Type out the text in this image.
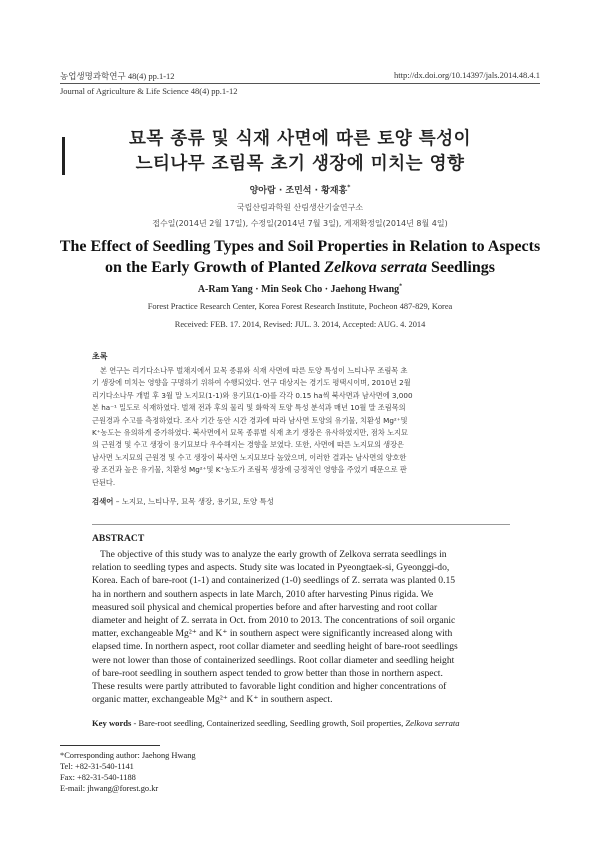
농업생명과학연구 48(4) pp.1-12	http://dx.doi.org/10.14397/jals.2014.48.4.1
Journal of Agriculture & Life Science 48(4) pp.1-12
묘목 종류 및 식재 사면에 따른 토양 특성이
느티나무 조림목 초기 생장에 미치는 영향
양아람 · 조민석 · 황재홍*
국립산림과학원 산림생산기술연구소
접수일(2014년 2월 17일), 수정일(2014년 7월 3일), 게재확정일(2014년 8월 4일)
The Effect of Seedling Types and Soil Properties in Relation to Aspects
on the Early Growth of Planted Zelkova serrata Seedlings
A-Ram Yang · Min Seok Cho · Jaehong Hwang*
Forest Practice Research Center, Korea Forest Research Institute, Pocheon 487-829, Korea
Received: FEB. 17. 2014, Revised: JUL. 3. 2014, Accepted: AUG. 4. 2014
초록
본 연구는 리기다소나무 벌채지에서 묘목 종류와 식재 사면에 따른 토양 특성이 느티나무 조림목 초
기 생장에 미치는 영향을 구명하기 위하여 수행되었다. 연구 대상지는 경기도 평택시이며, 2010년 2월
리기다소나무 개벌 후 3월 말 노지묘(1-1)와 용기묘(1-0)를 각각 0.15 ha씩 북사면과 남사면에 3,000
본 ha⁻¹ 밀도로 식재하였다. 벌채 전과 후의 물리 및 화학적 토양 특성 분석과 매년 10월 말 조림목의
근원경과 수고를 측정하였다. 조사 기간 동안 시간 경과에 따라 남사면 토양의 유기물, 치환성 Mg²⁺및
K⁺농도는 유의하게 증가하였다. 북사면에서 묘목 종류별 식재 초기 생장은 유사하였지만, 점차 노지묘
의 근원경 및 수고 생장이 용기묘보다 우수해지는 경향을 보였다. 또한, 사면에 따른 노지묘의 생장은
남사면 노지묘의 근원경 및 수고 생장이 북사면 노지묘보다 높았으며, 이러한 결과는 남사면의 양호한
광 조건과 높은 유기물, 치환성 Mg²⁺및 K⁺농도가 조림목 생장에 긍정적인 영향을 주었기 때문으로 판
단된다.
검색어 – 노지묘, 느티나무, 묘목 생장, 용기묘, 토양 특성
ABSTRACT
The objective of this study was to analyze the early growth of Zelkova serrata seedlings in
relation to seedling types and aspects. Study site was located in Pyeongtaek-si, Gyeonggi-do,
Korea. Each of bare-root (1-1) and containerized (1-0) seedlings of Z. serrata was planted 0.15
ha in northern and southern aspects in late March, 2010 after harvesting Pinus rigida. We
measured soil physical and chemical properties before and after harvesting and root collar
diameter and height of Z. serrata in Oct. from 2010 to 2013. The concentrations of soil organic
matter, exchangeable Mg²⁺ and K⁺ in southern aspect were significantly increased along with
elapsed time. In northern aspect, root collar diameter and seedling height of bare-root seedlings
were not lower than those of containerized seedlings. Root collar diameter and seedling height
of bare-root seedling in southern aspect tended to grow better than those in northern aspect.
These results were partly attributed to favorable light condition and higher concentrations of
organic matter, exchangeable Mg²⁺ and K⁺ in southern aspect.
Key words - Bare-root seedling, Containerized seedling, Seedling growth, Soil properties, Zelkova serrata
*Corresponding author: Jaehong Hwang
Tel: +82-31-540-1141
Fax: +82-31-540-1188
E-mail: jhwang@forest.go.kr
